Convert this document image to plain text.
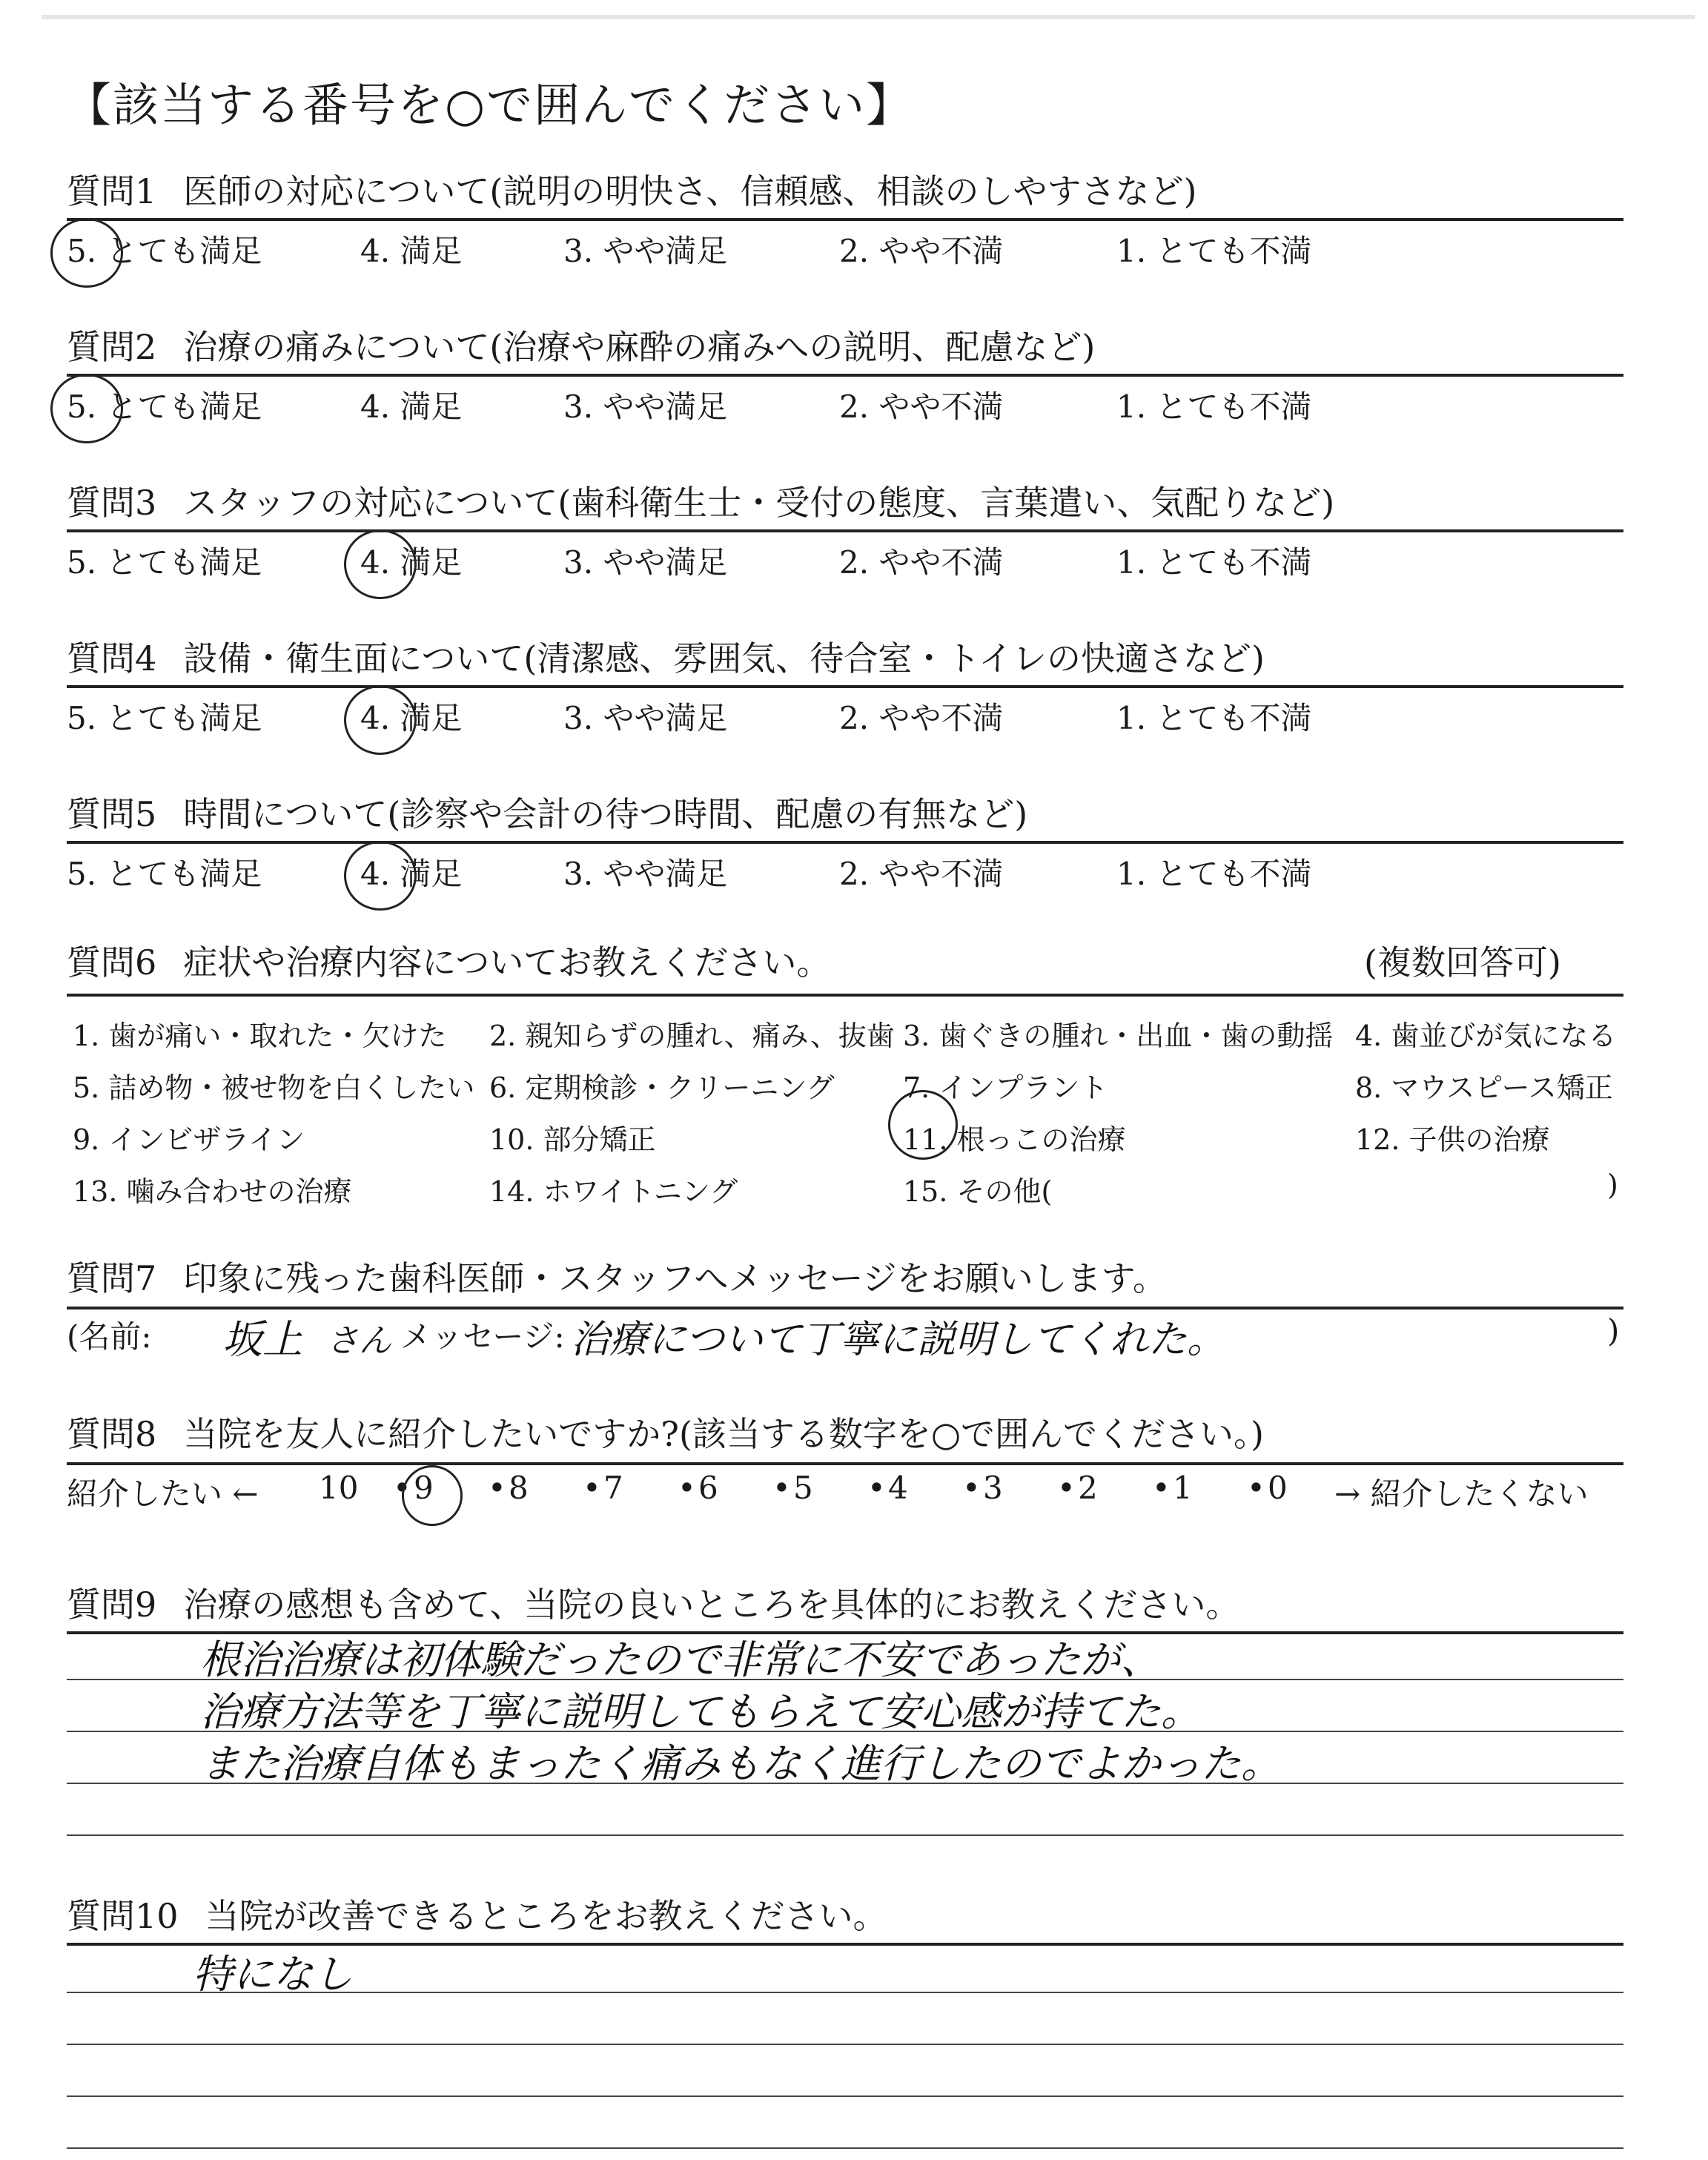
【該当する番号を○で囲んでください】
質問1 医師の対応について(説明の明快さ、信頼感、相談のしやすさなど)
5. とても満足	4. 満足	3. やや満足	2. やや不満	1. とても不満
質問2 治療の痛みについて(治療や麻酔の痛みへの説明、配慮など)
5. とても満足	4. 満足	3. やや満足	2. やや不満	1. とても不満
質問3 スタッフの対応について(歯科衛生士・受付の態度、言葉遣い、気配りなど)
5. とても満足	4. 満足	3. やや満足	2. やや不満	1. とても不満
質問4 設備・衛生面について(清潔感、雰囲気、待合室・トイレの快適さなど)
5. とても満足	4. 満足	3. やや満足	2. やや不満	1. とても不満
質問5 時間について(診察や会計の待つ時間、配慮の有無など)
5. とても満足	4. 満足	3. やや満足	2. やや不満	1. とても不満
質問6 症状や治療内容についてお教えください。	(複数回答可)
1. 歯が痛い・取れた・欠けた 2. 親知らずの腫れ、痛み、抜歯 3. 歯ぐきの腫れ・出血・歯の動揺 4. 歯並びが気になる
5. 詰め物・被せ物を白くしたい 6. 定期検診・クリーニング 7. インプラント	8. マウスピース矯正
9. インビザライン	10. 部分矯正	11. 根っこの治療	12. 子供の治療
13. 噛み合わせの治療	14. ホワイトニング	15. その他(	)
質問7 印象に残った歯科医師・スタッフへメッセージをお願いします。
(名前: 坂上 さん メッセージ: 治療について丁寧に説明してくれた。	)
質問8 当院を友人に紹介したいですか?(該当する数字を○で囲んでください。)
紹介したい ←	→ 紹介したくない
10 • 9 • 8 • 7 • 6 • 5 • 4 • 3 • 2 • 1 • 0
質問9 治療の感想も含めて、当院の良いところを具体的にお教えください。
根治治療は初体験だったので非常に不安であったが、
治療方法等を丁寧に説明してもらえて安心感が持てた。
また治療自体もまったく痛みもなく進行したのでよかった。
質問10 当院が改善できるところをお教えください。
特になし
